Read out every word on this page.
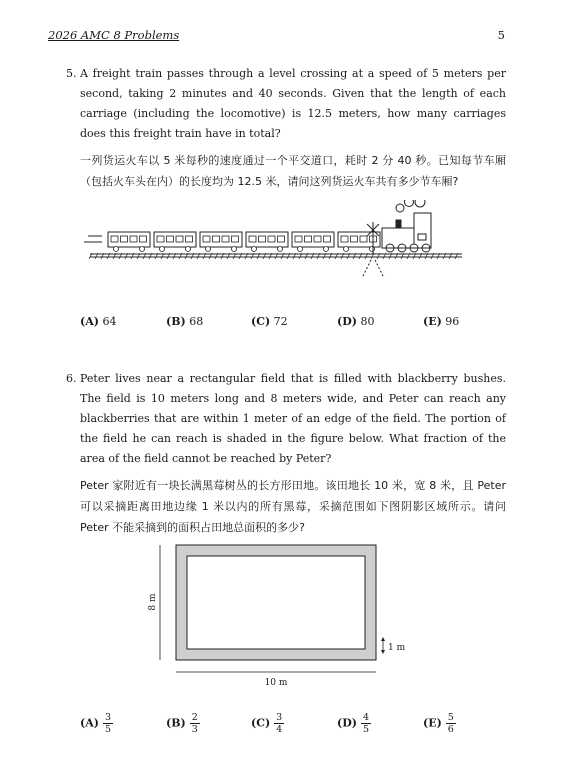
2026 AMC 8 Problems	5
5. A freight train passes through a level crossing at a speed of 5 meters per second, taking 2 minutes and 40 seconds. Given that the length of each carriage (including the locomotive) is 12.5 meters, how many carriages does this freight train have in total?
一列货运火车以 5 米每秒的速度通过一个平交道口，耗时 2 分 40 秒。已知每节车厢（包括火车头在内）的长度均为 12.5 米，请问这列货运火车共有多少节车厢?
(A) 64	(B) 68	(C) 72	(D) 80	(E) 96
6. Peter lives near a rectangular field that is filled with blackberry bushes. The field is 10 meters long and 8 meters wide, and Peter can reach any blackberries that are within 1 meter of an edge of the field. The portion of the field he can reach is shaded in the figure below. What fraction of the area of the field cannot be reached by Peter?
Peter 家附近有一块长满黑莓树丛的长方形田地。该田地长 10 米，宽 8 米，且 Peter 可以采摘距离田地边缘 1 米以内的所有黑莓，采摘范围如下图阴影区域所示。请问 Peter 不能采摘到的面积占田地总面积的多少?
8 m
10 m
1 m
$(A) \frac{3}{5}$	$(B) \frac{2}{3}$	$(C) \frac{3}{4}$	$(D) \frac{4}{5}$	$(E) \frac{5}{6}$
